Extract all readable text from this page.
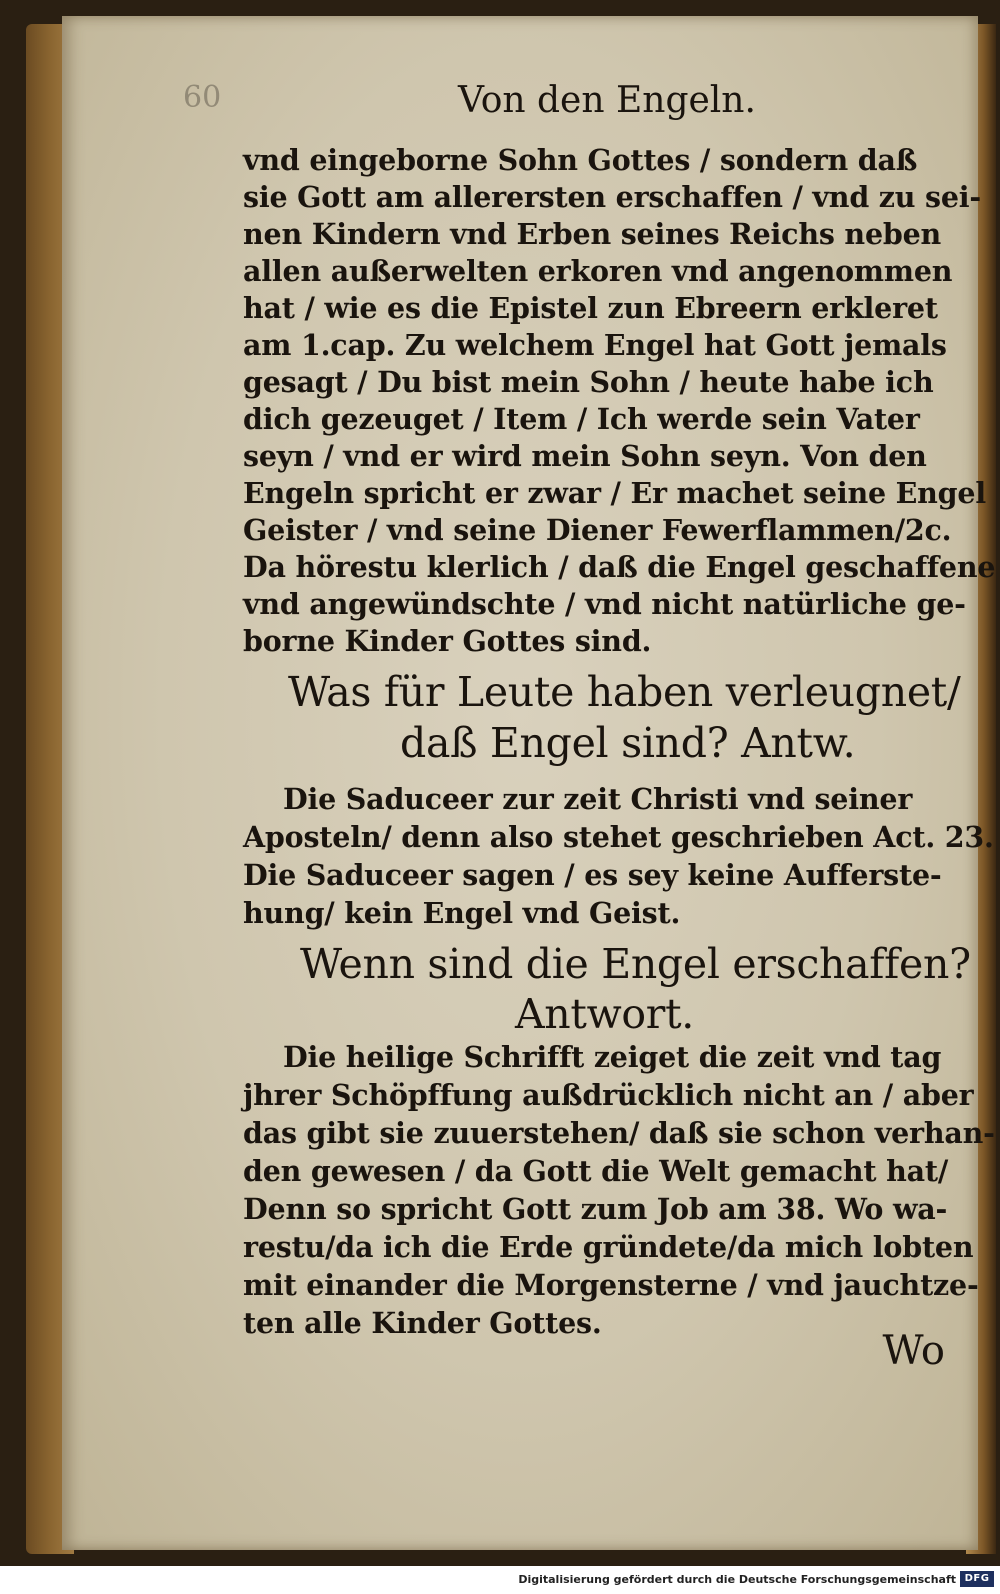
60	Von den Engeln.
vnd eingeborne Sohn Gottes / sondern daß
sie Gott am allerersten erschaffen / vnd zu sei-
nen Kindern vnd Erben seines Reichs neben
allen außerwelten erkoren vnd angenommen
hat / wie es die Epistel zun Ebreern erkleret
am 1.cap. Zu welchem Engel hat Gott jemals
gesagt / Du bist mein Sohn / heute habe ich
dich gezeuget / Item / Ich werde sein Vater
seyn / vnd er wird mein Sohn seyn. Von den
Engeln spricht er zwar / Er machet seine Engel
Geister / vnd seine Diener Fewerflammen/2c.
Da hörestu klerlich / daß die Engel geschaffene
vnd angewündschte / vnd nicht natürliche ge-
borne Kinder Gottes sind.
Was für Leute haben verleugnet/
daß Engel sind? Antw.
Die Saduceer zur zeit Christi vnd seiner
Aposteln/ denn also stehet geschrieben Act. 23.
Die Saduceer sagen / es sey keine Aufferste-
hung/ kein Engel vnd Geist.
Wenn sind die Engel erschaffen?
Antwort.
Die heilige Schrifft zeiget die zeit vnd tag
jhrer Schöpffung außdrücklich nicht an / aber
das gibt sie zuuerstehen/ daß sie schon verhan-
den gewesen / da Gott die Welt gemacht hat/
Denn so spricht Gott zum Job am 38. Wo wa-
restu/da ich die Erde gründete/da mich lobten
mit einander die Morgensterne / vnd jauchtze-
ten alle Kinder Gottes.
Wo
Digitalisierung gefördert durch die Deutsche Forschungsgemeinschaft DFG
